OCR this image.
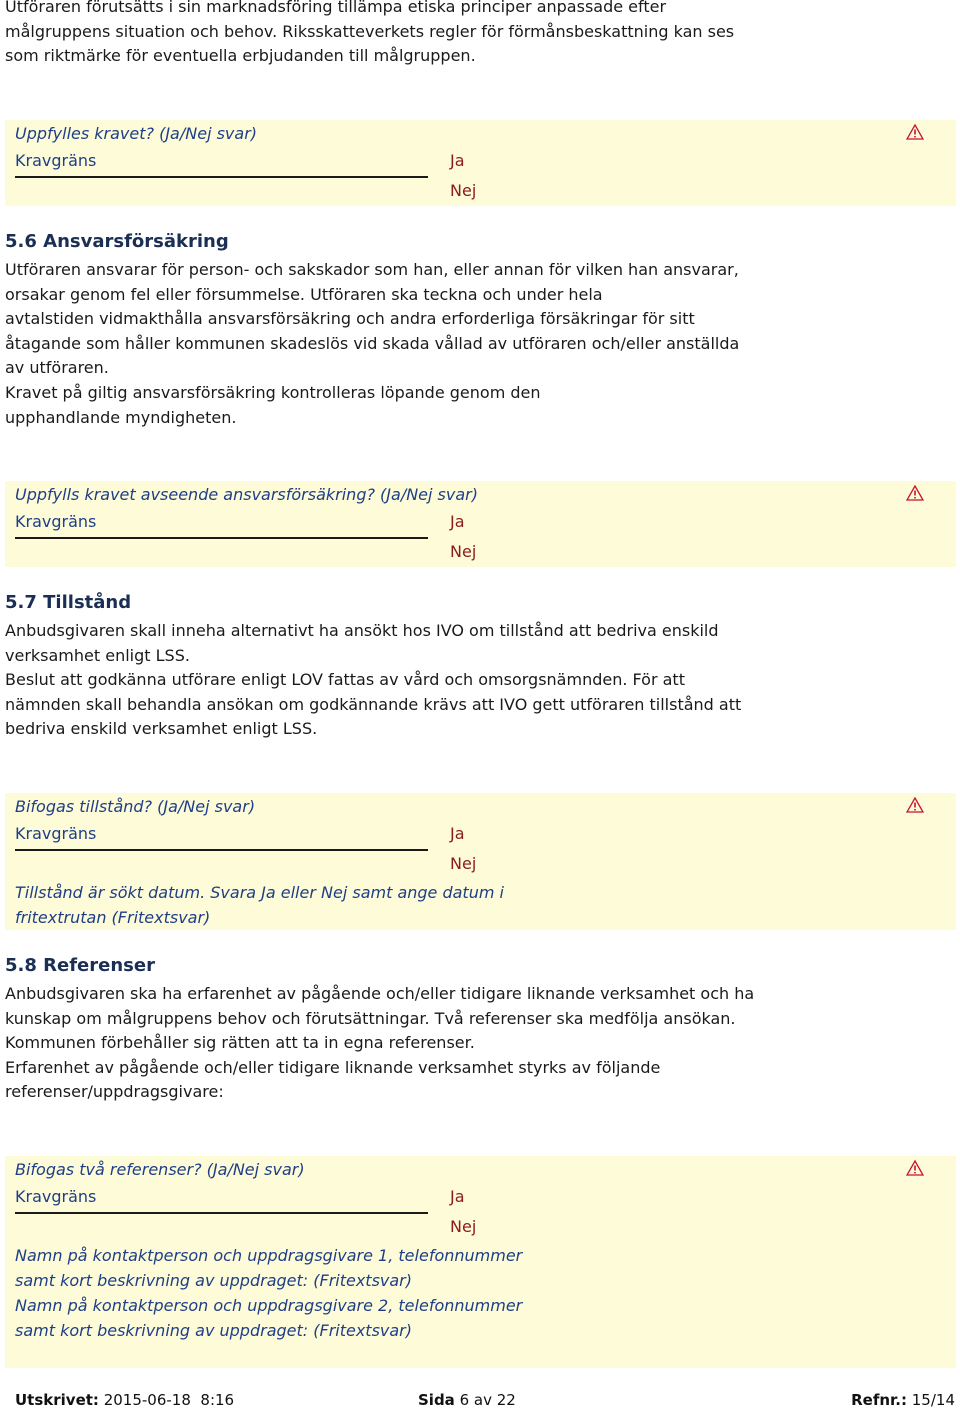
Utföraren förutsätts i sin marknadsföring tillämpa etiska principer anpassade efter
målgruppens situation och behov. Riksskatteverkets regler för förmånsbeskattning kan ses
som riktmärke för eventuella erbjudanden till målgruppen.
Uppfylles kravet? (Ja/Nej svar)
Kravgräns	Ja
Nej
5.6 Ansvarsförsäkring
Utföraren ansvarar för person- och sakskador som han, eller annan för vilken han ansvarar,
orsakar genom fel eller försummelse. Utföraren ska teckna och under hela
avtalstiden vidmakthålla ansvarsförsäkring och andra erforderliga försäkringar för sitt
åtagande som håller kommunen skadeslös vid skada vållad av utföraren och/eller anställda
av utföraren.
Kravet på giltig ansvarsförsäkring kontrolleras löpande genom den
upphandlande myndigheten.
Uppfylls kravet avseende ansvarsförsäkring? (Ja/Nej svar)
Kravgräns	Ja
Nej
5.7 Tillstånd
Anbudsgivaren skall inneha alternativt ha ansökt hos IVO om tillstånd att bedriva enskild
verksamhet enligt LSS.
Beslut att godkänna utförare enligt LOV fattas av vård och omsorgsnämnden. För att
nämnden skall behandla ansökan om godkännande krävs att IVO gett utföraren tillstånd att
bedriva enskild verksamhet enligt LSS.
Bifogas tillstånd? (Ja/Nej svar)
Kravgräns	Ja
Nej
Tillstånd är sökt datum. Svara Ja eller Nej samt ange datum i
fritextrutan (Fritextsvar)
5.8 Referenser
Anbudsgivaren ska ha erfarenhet av pågående och/eller tidigare liknande verksamhet och ha
kunskap om målgruppens behov och förutsättningar. Två referenser ska medfölja ansökan.
Kommunen förbehåller sig rätten att ta in egna referenser.
Erfarenhet av pågående och/eller tidigare liknande verksamhet styrks av följande
referenser/uppdragsgivare:
Bifogas två referenser? (Ja/Nej svar)
Kravgräns	Ja
Nej
Namn på kontaktperson och uppdragsgivare 1, telefonnummer
samt kort beskrivning av uppdraget: (Fritextsvar)
Namn på kontaktperson och uppdragsgivare 2, telefonnummer
samt kort beskrivning av uppdraget: (Fritextsvar)
Utskrivet: 2015-06-18  8:16	Sida 6 av 22	Refnr.: 15/14
